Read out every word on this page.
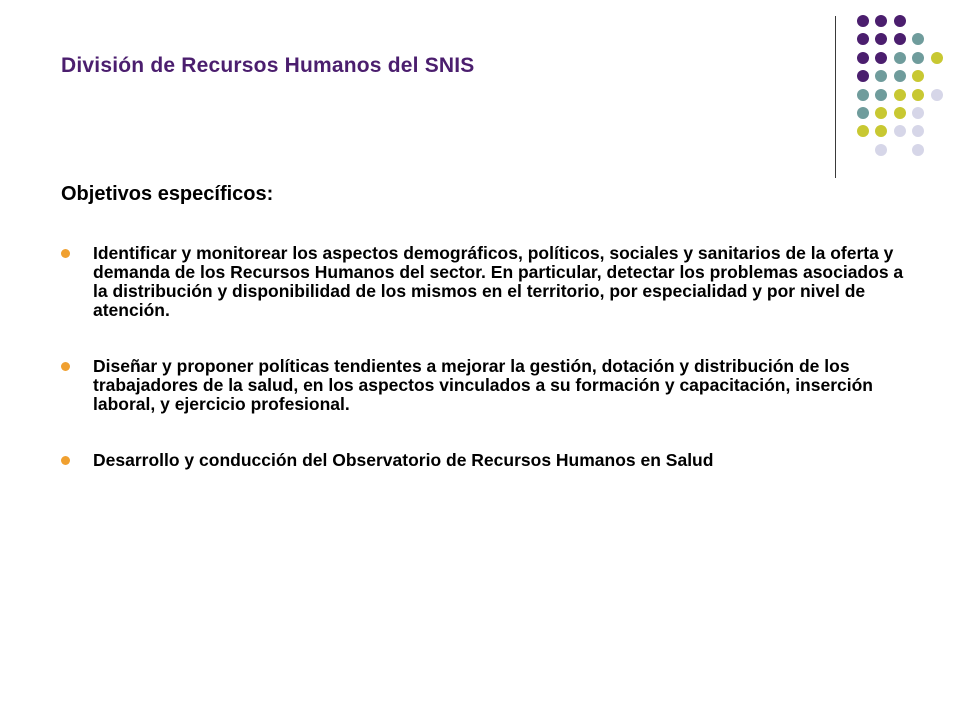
División de Recursos Humanos del SNIS
Objetivos específicos:
Identificar y monitorear los aspectos demográficos, políticos, sociales y sanitarios de la oferta y demanda de los Recursos Humanos del sector. En particular, detectar los problemas asociados a la distribución y disponibilidad de los mismos en el territorio, por especialidad y por nivel de atención.
Diseñar y proponer políticas tendientes a mejorar la gestión, dotación y distribución de los trabajadores de la salud, en los aspectos vinculados a su formación y capacitación, inserción laboral, y ejercicio profesional.
Desarrollo y conducción del Observatorio de Recursos Humanos en Salud
